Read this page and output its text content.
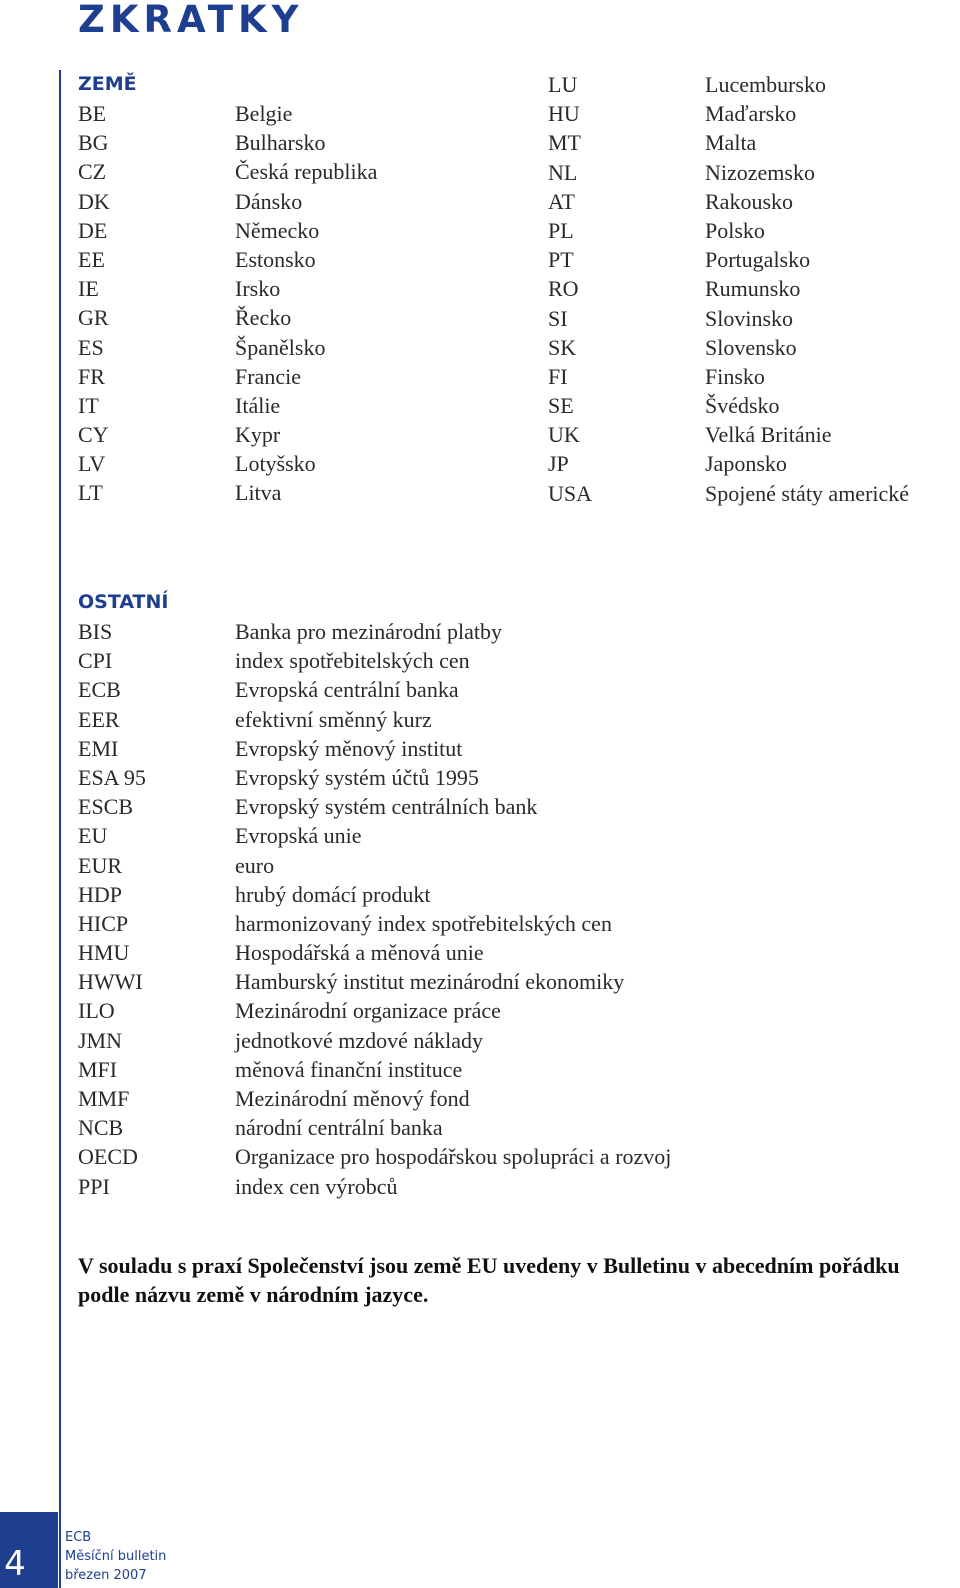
ZKRATKY
ZEMĚ
BE	Belgie
BG	Bulharsko
CZ	Česká republika
DK	Dánsko
DE	Německo
EE	Estonsko
IE	Irsko
GR	Řecko
ES	Španělsko
FR	Francie
IT	Itálie
CY	Kypr
LV	Lotyšsko
LT	Litva
LU	Lucembursko
HU	Maďarsko
MT	Malta
NL	Nizozemsko
AT	Rakousko
PL	Polsko
PT	Portugalsko
RO	Rumunsko
SI	Slovinsko
SK	Slovensko
FI	Finsko
SE	Švédsko
UK	Velká Británie
JP	Japonsko
USA	Spojené státy americké
OSTATNÍ
BIS	Banka pro mezinárodní platby
CPI	index spotřebitelských cen
ECB	Evropská centrální banka
EER	efektivní směnný kurz
EMI	Evropský měnový institut
ESA 95	Evropský systém účtů 1995
ESCB	Evropský systém centrálních bank
EU	Evropská unie
EUR	euro
HDP	hrubý domácí produkt
HICP	harmonizovaný index spotřebitelských cen
HMU	Hospodářská a měnová unie
HWWI	Hamburský institut mezinárodní ekonomiky
ILO	Mezinárodní organizace práce
JMN	jednotkové mzdové náklady
MFI	měnová finanční instituce
MMF	Mezinárodní měnový fond
NCB	národní centrální banka
OECD	Organizace pro hospodářskou spolupráci a rozvoj
PPI	index cen výrobců
V souladu s praxí Společenství jsou země EU uvedeny v Bulletinu v abecedním pořádku
podle názvu země v národním jazyce.
4
ECB
Měsíční bulletin
březen 2007
